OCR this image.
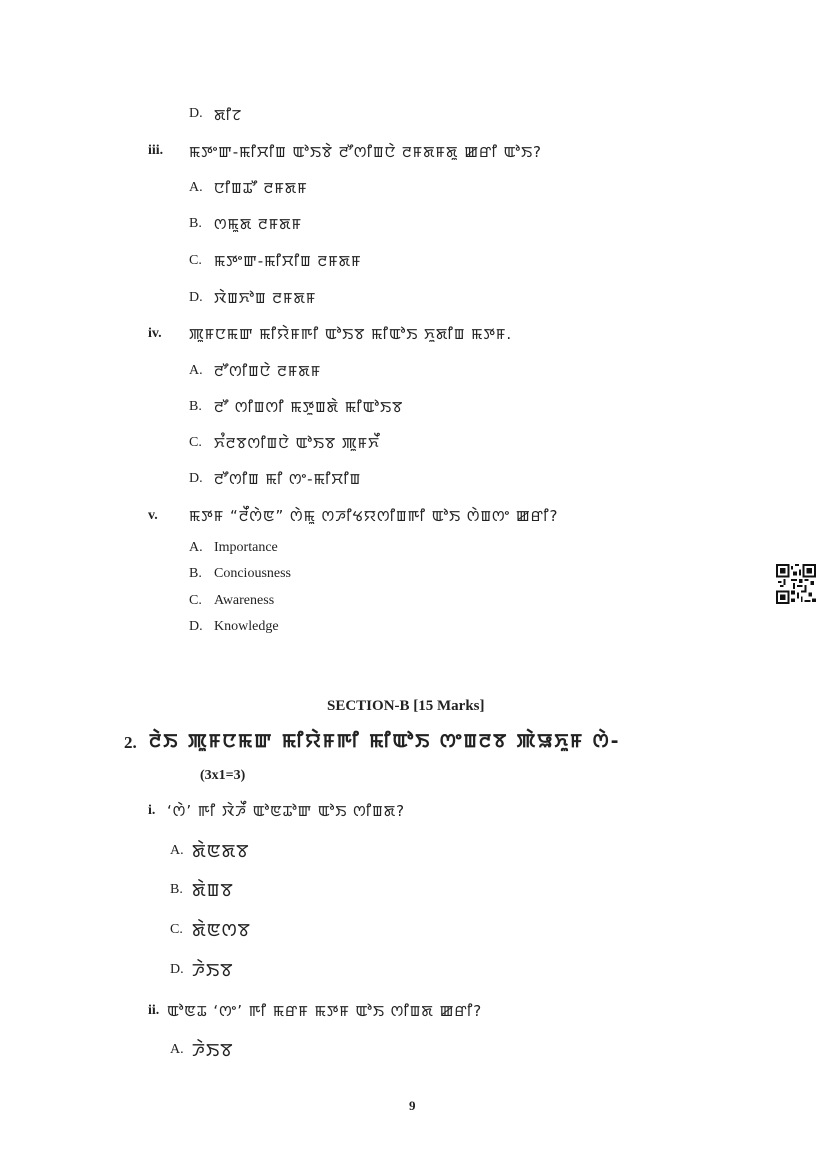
D. ꯗꯤꯖ
iii. ꯃꯇꯦꯛ-ꯃꯤꯆꯤꯡ ꯑꯣꯏꯕꯥ ꯂꯧꯁꯤꯡꯅꯥ ꯂꯝꯗꯝꯗꯨ ꯀꯔꯤ ꯑꯣꯏ?
A. ꯅꯤꯡꯊꯧ ꯂꯝꯗꯝ
B. ꯁꯃꯨꯗ ꯂꯝꯗꯝ
C. ꯃꯇꯦꯛ-ꯃꯤꯆꯤꯡ ꯂꯝꯗꯝ
D. ꯋꯥꯡꯈꯣꯡ ꯂꯝꯗꯝ
iv. ꯄꯨꯝꯅꯃꯛ ꯃꯤꯌꯥꯝꯒꯤ ꯑꯣꯏꯕ ꯃꯤꯑꯣꯏ ꯈꯨꯗꯤꯡ ꯃꯇꯝ.
A. ꯂꯧꯁꯤꯡꯅꯥ ꯂꯝꯗꯝ
B. ꯂꯧ ꯁꯤꯡꯁꯤ ꯃꯇꯨꯡꯗꯥ ꯃꯤꯑꯣꯏꯕ
C. ꯈꯪꯂꯕꯁꯤꯡꯅꯥ ꯑꯣꯏꯕ ꯄꯨꯝꯈꯩ
D. ꯂꯧꯁꯤꯡ ꯃꯤ ꯁꯦ-ꯃꯤꯆꯤꯡ
v. ꯃꯇꯝ “ꯂꯩꯁꯥꯟ” ꯁꯥꯃꯨ ꯁꯍꯤꯠꯌꯁꯤꯡꯒꯤ ꯑꯣꯏ ꯁꯥꯡꯁꯦ ꯀꯔꯤ?
A. Importance
B. Conciousness
C. Awareness
D. Knowledge
SECTION-B [15 Marks]
2. ꯂꯥꯏ ꯄꯨꯝꯅꯃꯛ ꯃꯤꯌꯥꯝꯒꯤ ꯃꯤꯑꯣꯏ ꯁꯦꯡꯂꯕ ꯄꯥꯎꯈꯨꯝ ꯁꯥ-
(3x1=3)
i. ‘ꯁꯥ’ ꯒꯤ ꯋꯥꯍꯩ ꯑꯣꯟꯊꯣꯛ ꯑꯣꯏ ꯁꯤꯡꯗ?
A. ꯗꯥꯟꯗꯕ
B. ꯗꯥꯡꯕ
C. ꯗꯥꯟꯁꯕ
D. ꯍꯥꯏꯕ
ii. ꯑꯣꯟꯊ ‘ꯁꯦ’ ꯒꯤ ꯃꯔꯝ ꯃꯇꯝ ꯑꯣꯏ ꯁꯤꯡꯗ ꯀꯔꯤ?
A. ꯍꯥꯏꯕ
9
